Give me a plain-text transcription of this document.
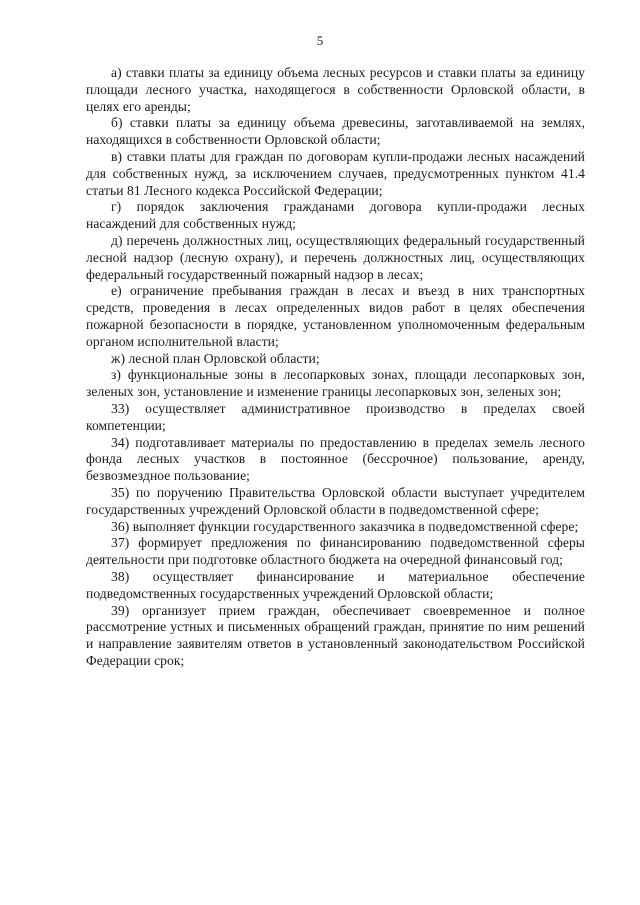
5

а) ставки платы за единицу объема лесных ресурсов и ставки платы за единицу площади лесного участка, находящегося в собственности Орловской области, в целях его аренды;

б) ставки платы за единицу объема древесины, заготавливаемой на землях, находящихся в собственности Орловской области;

в) ставки платы для граждан по договорам купли-продажи лесных насаждений для собственных нужд, за исключением случаев, предусмотренных пунктом 41.4 статьи 81 Лесного кодекса Российской Федерации;

г) порядок заключения гражданами договора купли-продажи лесных насаждений для собственных нужд;

д) перечень должностных лиц, осуществляющих федеральный государственный лесной надзор (лесную охрану), и перечень должностных лиц, осуществляющих федеральный государственный пожарный надзор в лесах;

е) ограничение пребывания граждан в лесах и въезд в них транспортных средств, проведения в лесах определенных видов работ в целях обеспечения пожарной безопасности в порядке, установленном уполномоченным федеральным органом исполнительной власти;

ж) лесной план Орловской области;

з) функциональные зоны в лесопарковых зонах, площади лесопарковых зон, зеленых зон, установление и изменение границы лесопарковых зон, зеленых зон;

33) осуществляет административное производство в пределах своей компетенции;

34) подготавливает материалы по предоставлению в пределах земель лесного фонда лесных участков в постоянное (бессрочное) пользование, аренду, безвозмездное пользование;

35) по поручению Правительства Орловской области выступает учредителем государственных учреждений Орловской области в подведомственной сфере;

36) выполняет функции государственного заказчика в подведомственной сфере;

37) формирует предложения по финансированию подведомственной сферы деятельности при подготовке областного бюджета на очередной финансовый год;

38) осуществляет финансирование и материальное обеспечение подведомственных государственных учреждений Орловской области;

39) организует прием граждан, обеспечивает своевременное и полное рассмотрение устных и письменных обращений граждан, принятие по ним решений и направление заявителям ответов в установленный законодательством Российской Федерации срок;
